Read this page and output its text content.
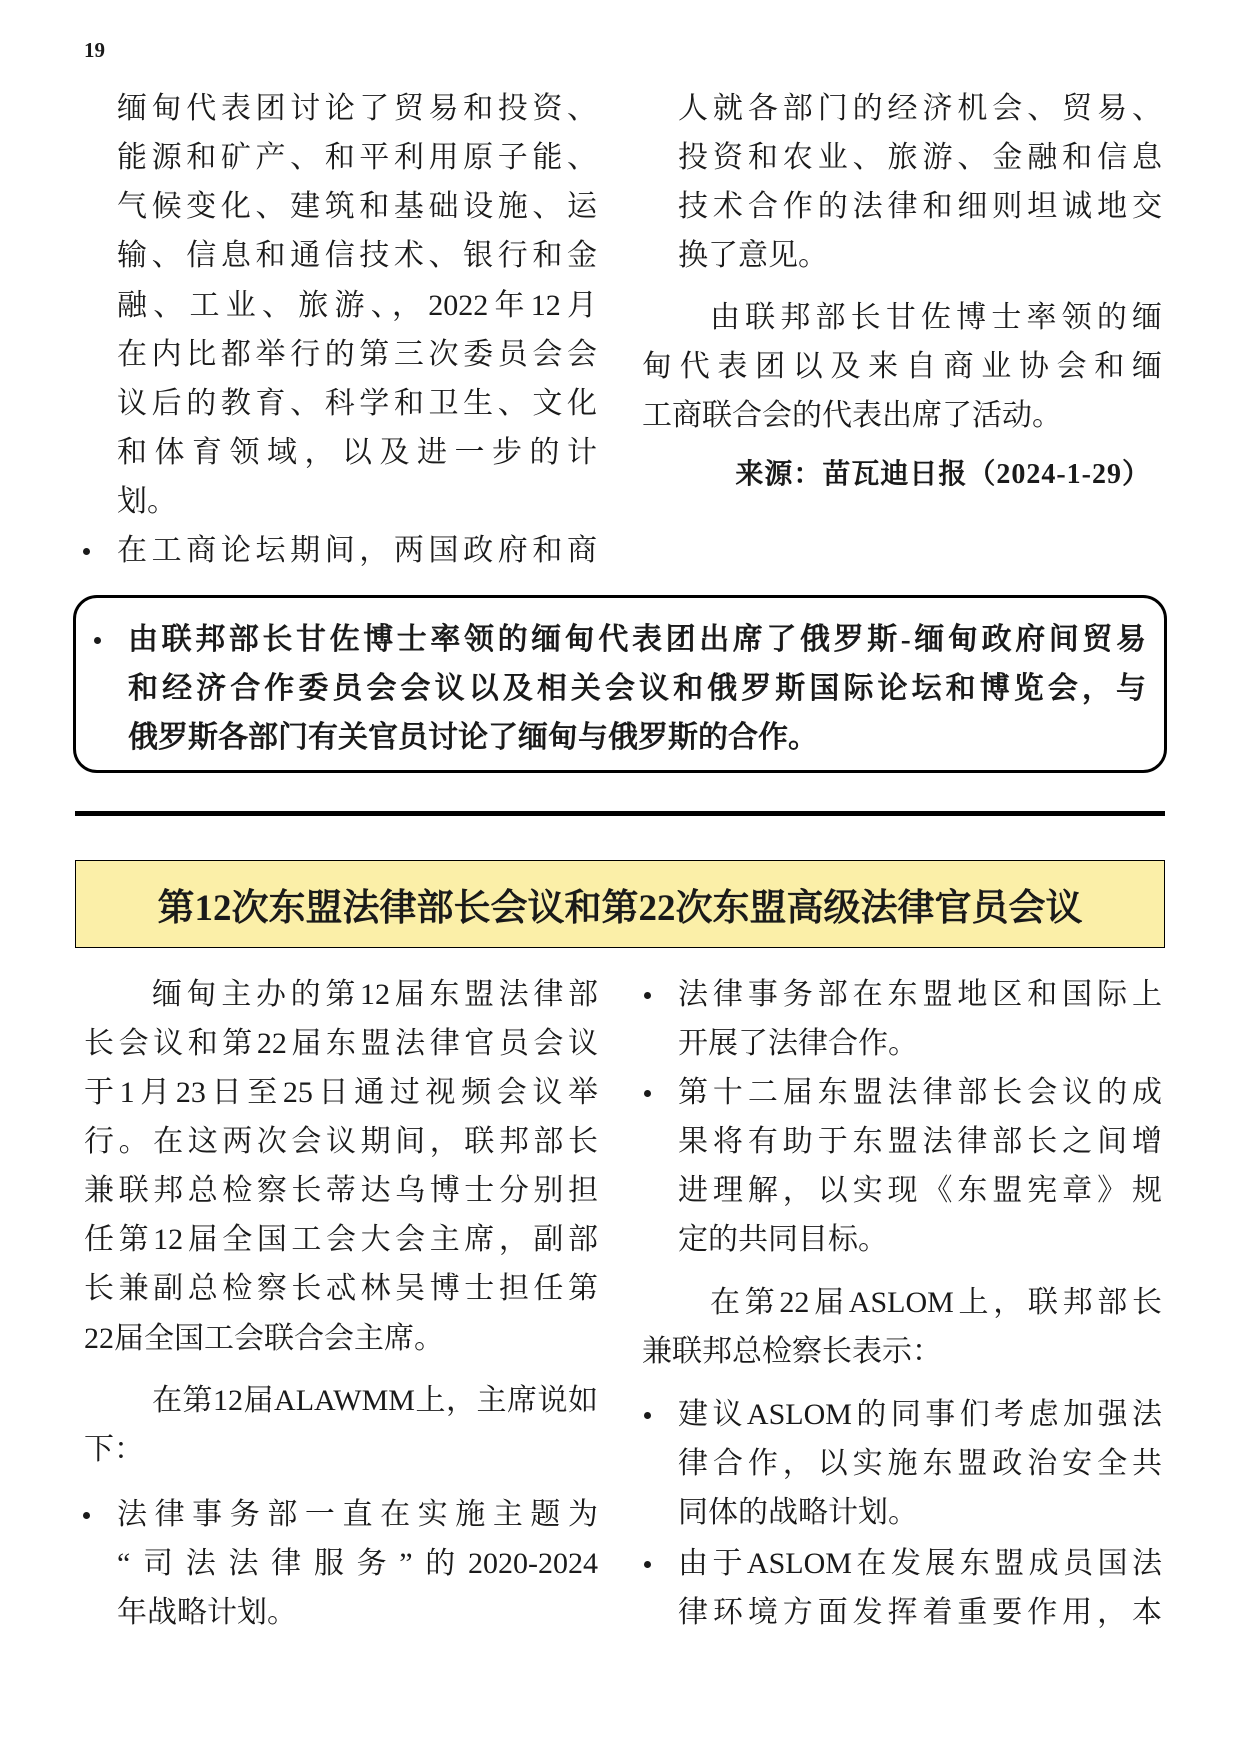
19
缅甸代表团讨论了贸易和投资、
能源和矿产、和平利用原子能、
气候变化、建筑和基础设施、运
输、信息和通信技术、银行和金
融、工业、旅游、，2022年12月
在内比都举行的第三次委员会会
议后的教育、科学和卫生、文化
和体育领域，以及进一步的计
划。
在工商论坛期间，两国政府和商
人就各部门的经济机会、贸易、
投资和农业、旅游、金融和信息
技术合作的法律和细则坦诚地交
换了意见。
由联邦部长甘佐博士率领的缅
甸代表团以及来自商业协会和缅
工商联合会的代表出席了活动。
来源：苗瓦迪日报（2024-1-29）
由联邦部长甘佐博士率领的缅甸代表团出席了俄罗斯-缅甸政府间贸易
和经济合作委员会会议以及相关会议和俄罗斯国际论坛和博览会，与
俄罗斯各部门有关官员讨论了缅甸与俄罗斯的合作。
第12次东盟法律部长会议和第22次东盟高级法律官员会议
缅甸主办的第12届东盟法律部
长会议和第22届东盟法律官员会议
于1月23日至25日通过视频会议举
行。在这两次会议期间，联邦部长
兼联邦总检察长蒂达乌博士分别担
任第12届全国工会大会主席，副部
长兼副总检察长忒林吴博士担任第
22届全国工会联合会主席。
在第12届ALAWMM上，主席说如
下：
法律事务部一直在实施主题为
“司法法律服务”的2020-2024
年战略计划。
法律事务部在东盟地区和国际上
开展了法律合作。
第十二届东盟法律部长会议的成
果将有助于东盟法律部长之间增
进理解，以实现《东盟宪章》规
定的共同目标。
在第22届ASLOM上，联邦部长
兼联邦总检察长表示：
建议ASLOM的同事们考虑加强法
律合作，以实施东盟政治安全共
同体的战略计划。
由于ASLOM在发展东盟成员国法
律环境方面发挥着重要作用，本
